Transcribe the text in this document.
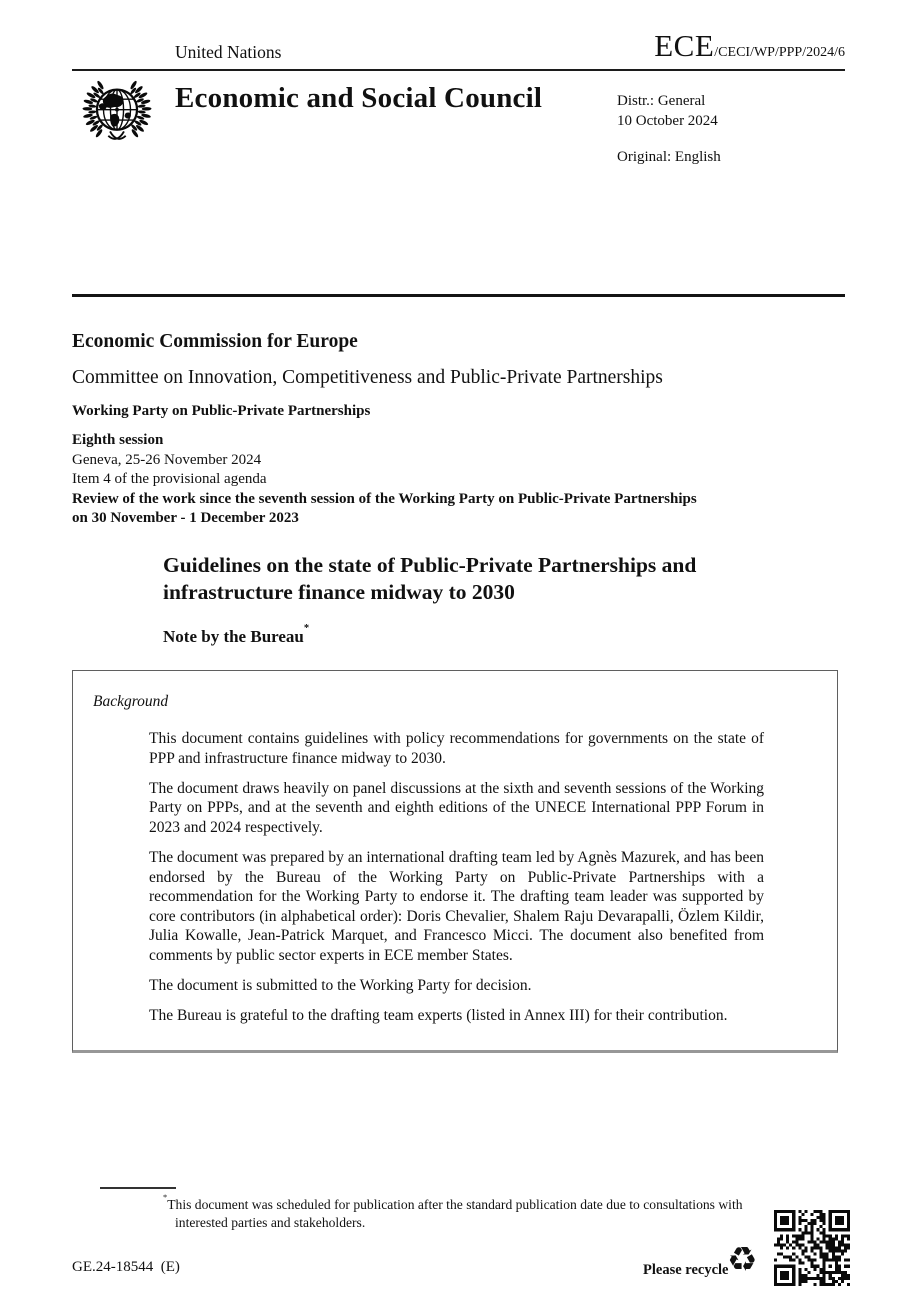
United Nations	ECE/CECI/WP/PPP/2024/6
Economic and Social Council	Distr.: General
10 October 2024
Original: English
Economic Commission for Europe
Committee on Innovation, Competitiveness and Public-Private Partnerships
Working Party on Public-Private Partnerships
Eighth session
Geneva, 25-26 November 2024
Item 4 of the provisional agenda
Review of the work since the seventh session of the Working Party on Public-Private Partnerships
on 30 November - 1 December 2023
Guidelines on the state of Public-Private Partnerships and infrastructure finance midway to 2030
Note by the Bureau*
Background

This document contains guidelines with policy recommendations for governments on the state of PPP and infrastructure finance midway to 2030.

The document draws heavily on panel discussions at the sixth and seventh sessions of the Working Party on PPPs, and at the seventh and eighth editions of the UNECE International PPP Forum in 2023 and 2024 respectively.

The document was prepared by an international drafting team led by Agnès Mazurek, and has been endorsed by the Bureau of the Working Party on Public-Private Partnerships with a recommendation for the Working Party to endorse it. The drafting team leader was supported by core contributors (in alphabetical order): Doris Chevalier, Shalem Raju Devarapalli, Özlem Kildir, Julia Kowalle, Jean-Patrick Marquet, and Francesco Micci. The document also benefited from comments by public sector experts in ECE member States.

The document is submitted to the Working Party for decision.

The Bureau is grateful to the drafting team experts (listed in Annex III) for their contribution.

*This document was scheduled for publication after the standard publication date due to consultations with interested parties and stakeholders.
GE.24-18544  (E)	Please recycle
♻
